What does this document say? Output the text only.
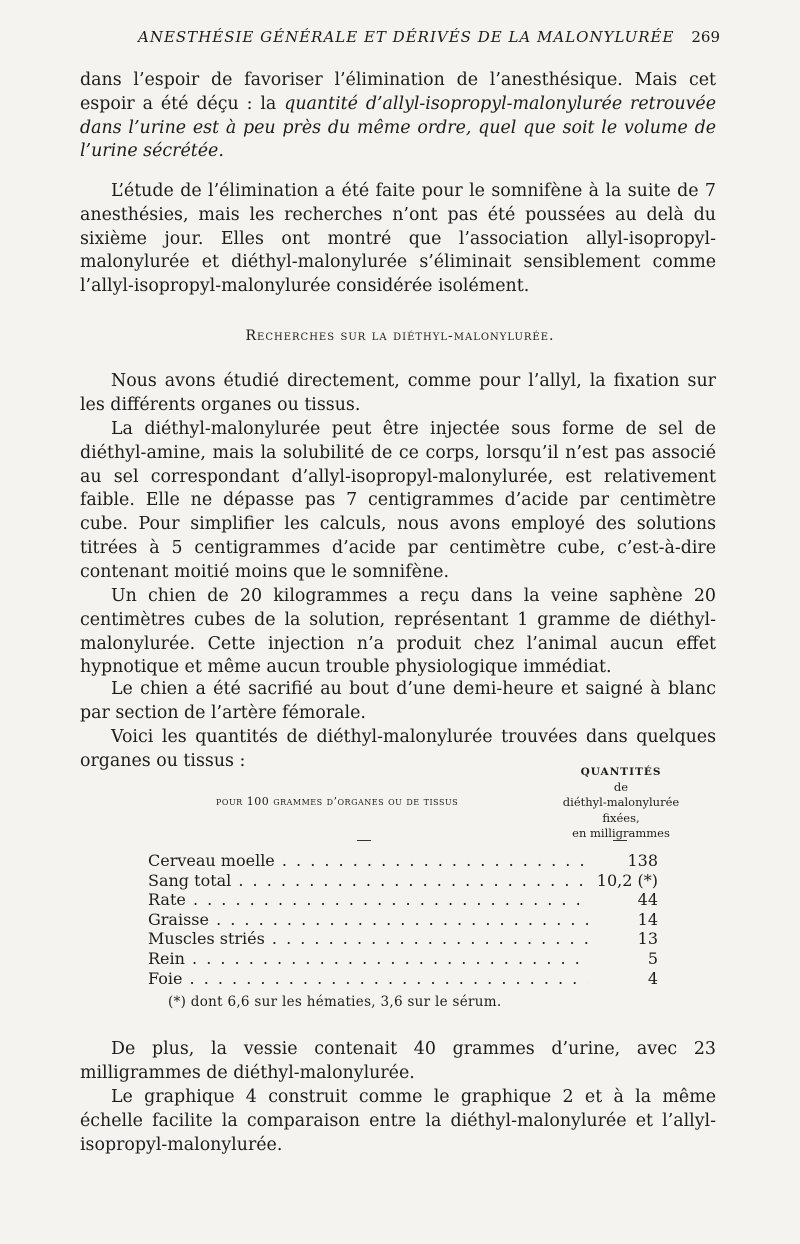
ANESTHÉSIE GÉNÉRALE ET DÉRIVÉS DE LA MALONYLURÉE 269
dans l’espoir de favoriser l’élimination de l’anesthésique. Mais cet espoir a été déçu : la quantité d’allyl-isopropyl-malonylurée retrouvée dans l’urine est à peu près du même ordre, quel que soit le volume de l’urine sécrétée.
L’étude de l’élimination a été faite pour le somnifène à la suite de 7 anesthésies, mais les recherches n’ont pas été poussées au delà du sixième jour. Elles ont montré que l’association allyl-isopropyl-malonylurée et diéthyl-malonylurée s’éliminait sensiblement comme l’allyl-isopropyl-malonylurée considérée isolément.
Recherches sur la diéthyl-malonylurée.
Nous avons étudié directement, comme pour l’allyl, la fixation sur les différents organes ou tissus.
La diéthyl-malonylurée peut être injectée sous forme de sel de diéthyl-amine, mais la solubilité de ce corps, lorsqu’il n’est pas associé au sel correspondant d’allyl-isopropyl-malonylurée, est relativement faible. Elle ne dépasse pas 7 centigrammes d’acide par centimètre cube. Pour simplifier les calculs, nous avons employé des solutions titrées à 5 centigrammes d’acide par centimètre cube, c’est-à-dire contenant moitié moins que le somnifène.
Un chien de 20 kilogrammes a reçu dans la veine saphène 20 centimètres cubes de la solution, représentant 1 gramme de diéthyl-malonylurée. Cette injection n’a produit chez l’animal aucun effet hypnotique et même aucun trouble physiologique immédiat.
Le chien a été sacrifié au bout d’une demi-heure et saigné à blanc par section de l’artère fémorale.
Voici les quantités de diéthyl-malonylurée trouvées dans quelques organes ou tissus :
pour 100 grammes d’organes ou de tissus
QUANTITÉS
de
diéthyl-malonylurée
fixées,
en milligrammes
Cerveau moelle . . .	138
Sang total . . .	10,2 (*)
Rate . . .	44
Graisse . . .	14
Muscles striés . . .	13
Rein . . .	5
Foie . . .	4
(*) dont 6,6 sur les hématies, 3,6 sur le sérum.
De plus, la vessie contenait 40 grammes d’urine, avec 23 milligrammes de diéthyl-malonylurée.
Le graphique 4 construit comme le graphique 2 et à la même échelle facilite la comparaison entre la diéthyl-malonylurée et l’allyl-isopropyl-malonylurée.
